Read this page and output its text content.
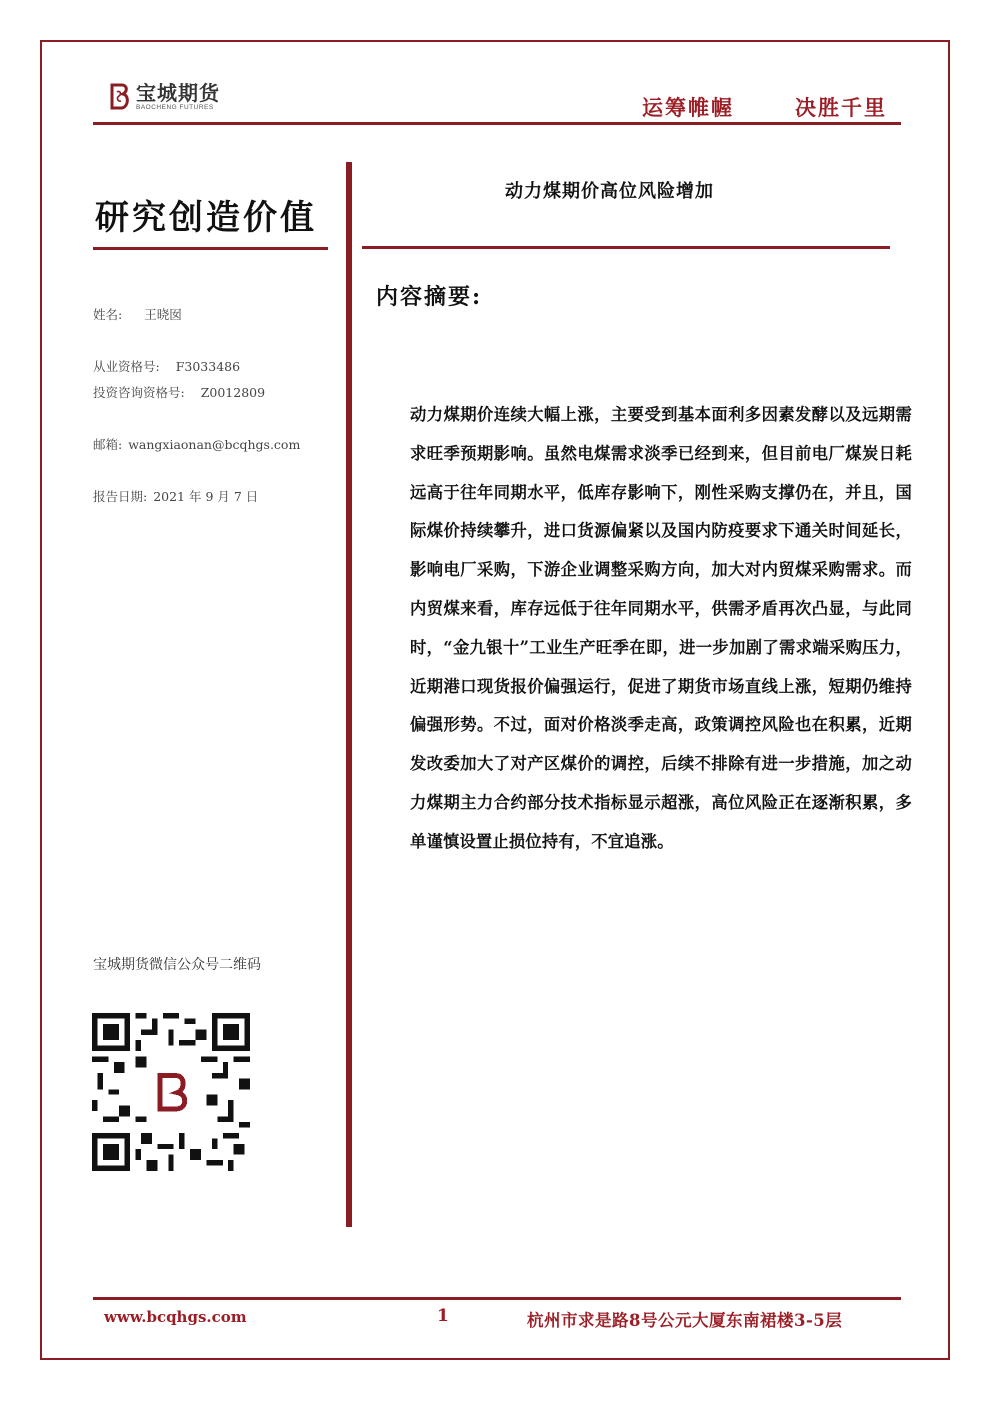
宝城期货
BAOCHENG FUTURES	运筹帷幄	决胜千里
研究创造价值
姓名: 王晓囡
从业资格号: F3033486
投资咨询资格号: Z0012809
邮箱: wangxiaonan@bcqhgs.com
报告日期: 2021 年 9 月 7 日
宝城期货微信公众号二维码
动力煤期价高位风险增加
内容摘要:

动力煤期价连续大幅上涨，主要受到基本面利多因素发酵以及远期需求旺季预期影响。虽然电煤需求淡季已经到来，但目前电厂煤炭日耗远高于往年同期水平，低库存影响下，刚性采购支撑仍在，并且，国际煤价持续攀升，进口货源偏紧以及国内防疫要求下通关时间延长，影响电厂采购，下游企业调整采购方向，加大对内贸煤采购需求。而内贸煤来看，库存远低于往年同期水平，供需矛盾再次凸显，与此同时，“金九银十”工业生产旺季在即，进一步加剧了需求端采购压力，近期港口现货报价偏强运行，促进了期货市场直线上涨，短期仍维持偏强形势。不过，面对价格淡季走高，政策调控风险也在积累，近期发改委加大了对产区煤价的调控，后续不排除有进一步措施，加之动力煤期主力合约部分技术指标显示超涨，高位风险正在逐渐积累，多单谨慎设置止损位持有，不宜追涨。

www.bcqhgs.com	1	杭州市求是路8号公元大厦东南裙楼3-5层
